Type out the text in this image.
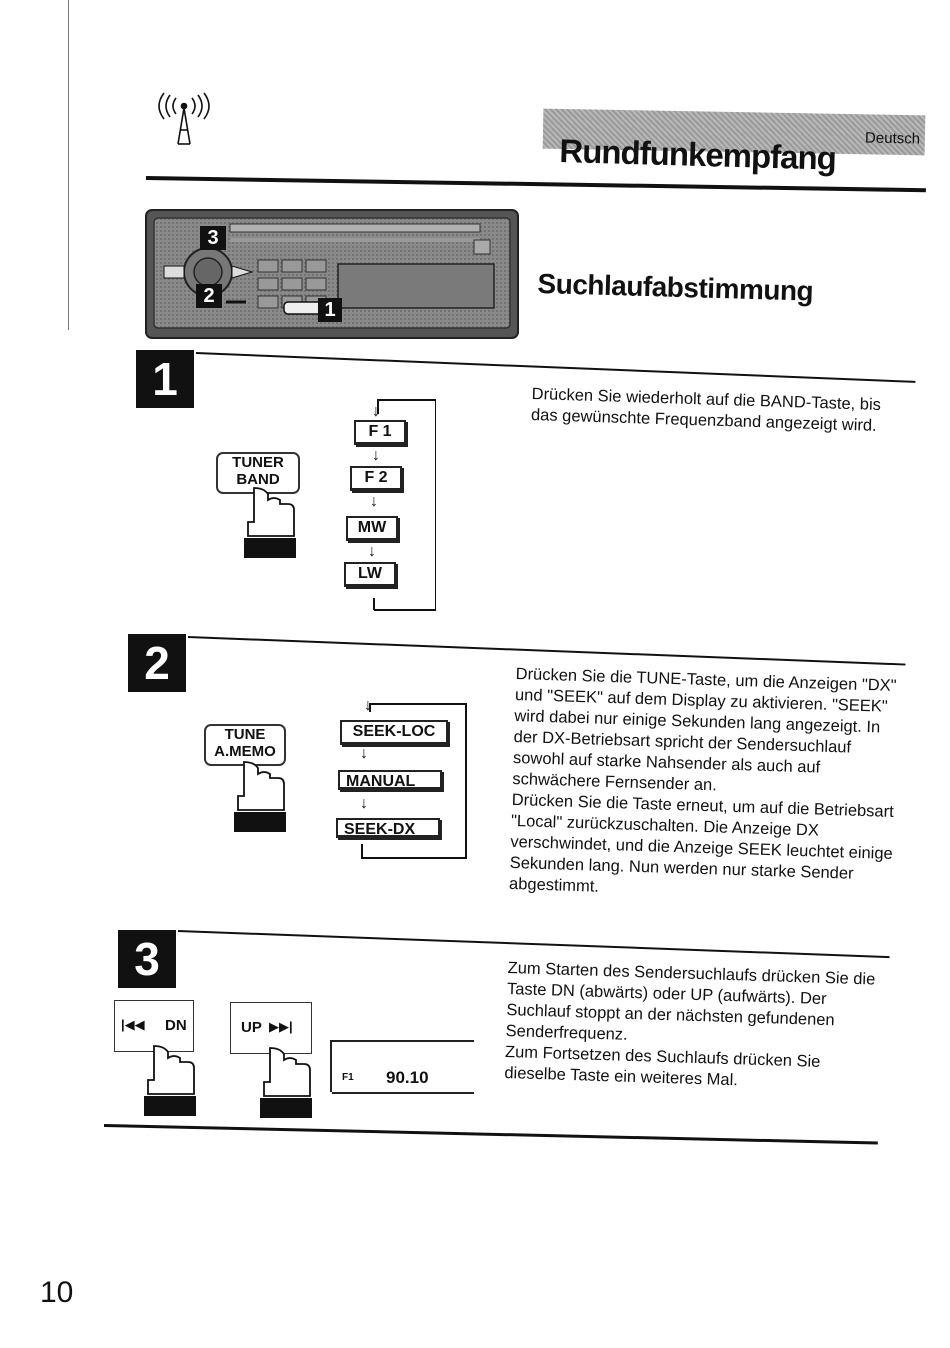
Deutsch
Rundfunkempfang
3
2
1
Suchlaufabstimmung
1
TUNER
BAND
↓
F 1
↓
F 2
↓
MW
↓
LW
Drücken Sie wiederholt auf die BAND-Taste, bis das gewünschte Frequenzband angezeigt wird.
2
TUNE
A.MEMO
↓
SEEK-LOC
↓
MANUAL
↓
SEEK-DX
Drücken Sie die TUNE-Taste, um die Anzeigen "DX" und "SEEK" auf dem Display zu aktivieren. "SEEK" wird dabei nur einige Sekunden lang angezeigt. In der DX-Betriebsart spricht der Sendersuchlauf sowohl auf starke Nahsender als auch auf schwächere Fernsender an.
Drücken Sie die Taste erneut, um auf die Betriebsart "Local" zurückzuschalten. Die Anzeige DX verschwindet, und die Anzeige SEEK leuchtet einige Sekunden lang. Nun werden nur starke Sender abgestimmt.
3
|◀◀ DN	UP ▶▶|
F1 90.10
Zum Starten des Sendersuchlaufs drücken Sie die Taste DN (abwärts) oder UP (aufwärts). Der Suchlauf stoppt an der nächsten gefundenen Senderfrequenz.
Zum Fortsetzen des Suchlaufs drücken Sie dieselbe Taste ein weiteres Mal.
10
